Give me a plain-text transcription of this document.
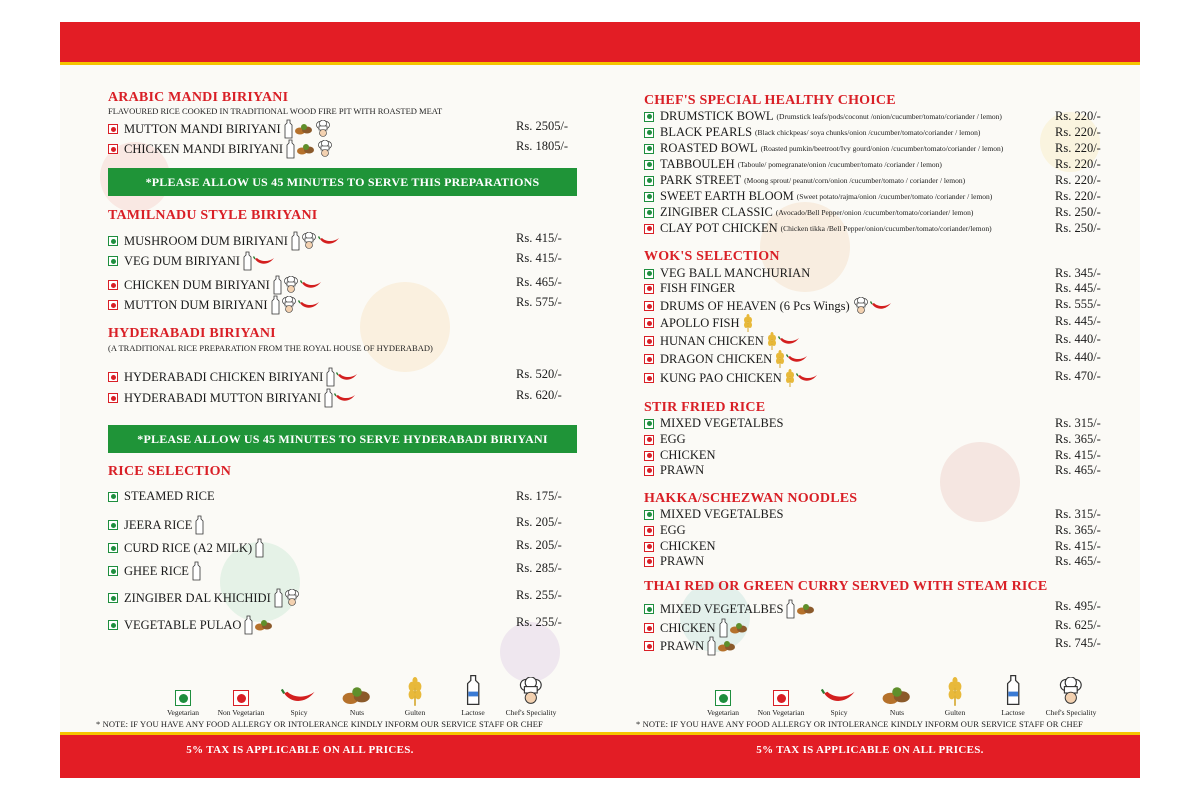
5% TAX IS APPLICABLE ON ALL PRICES.	5% TAX IS APPLICABLE ON ALL PRICES.
ARABIC MANDI BIRIYANI
FLAVOURED RICE COOKED IN TRADITIONAL WOOD FIRE PIT WITH ROASTED MEAT
MUTTON MANDI BIRIYANI	Rs. 2505/-
CHICKEN MANDI BIRIYANI	Rs. 1805/-
*PLEASE ALLOW US 45 MINUTES TO SERVE THIS PREPARATIONS
TAMILNADU STYLE BIRIYANI
MUSHROOM DUM BIRIYANI	Rs. 415/-
VEG DUM BIRIYANI	Rs. 415/-
CHICKEN DUM BIRIYANI	Rs. 465/-
MUTTON DUM BIRIYANI	Rs. 575/-
HYDERABADI BIRIYANI
(A TRADITIONAL RICE PREPARATION FROM THE ROYAL HOUSE OF HYDERABAD)
HYDERABADI CHICKEN BIRIYANI	Rs. 520/-
HYDERABADI MUTTON BIRIYANI	Rs. 620/-
*PLEASE ALLOW US 45 MINUTES TO SERVE HYDERABADI BIRIYANI
RICE SELECTION
STEAMED RICE	Rs. 175/-
JEERA RICE	Rs. 205/-
CURD RICE (A2 MILK)	Rs. 205/-
GHEE RICE	Rs. 285/-
ZINGIBER DAL KHICHIDI	Rs. 255/-
VEGETABLE PULAO	Rs. 255/-
CHEF'S SPECIAL HEALTHY CHOICE
DRUMSTICK BOWL (Drumstick leafs/pods/coconut /onion/cucumber/tomato/coriander / lemon)	Rs. 220/-
BLACK PEARLS (Black chickpeas/ soya chunks/onion /cucumber/tomato/coriander / lemon)	Rs. 220/-
ROASTED BOWL (Roasted pumkin/beetroot/Ivy gourd/onion /cucumber/tomato/coriander / lemon)	Rs. 220/-
TABBOULEH (Taboule/ pomegranate/onion /cucumber/tomato /coriander / lemon)	Rs. 220/-
PARK STREET (Moong sprout/ peanut/corn/onion /cucumber/tomato / coriander / lemon)	Rs. 220/-
SWEET EARTH BLOOM (Sweet potato/rajma/onion /cucumber/tomato /coriander / lemon)	Rs. 220/-
ZINGIBER CLASSIC (Avocado/Bell Pepper/onion /cucumber/tomato/coriander/ lemon)	Rs. 250/-
CLAY POT CHICKEN (Chicken tikka /Bell Pepper/onion/cucumber/tomato/coriander/lemon)	Rs. 250/-
WOK'S SELECTION
VEG BALL MANCHURIAN	Rs. 345/-
FISH FINGER	Rs. 445/-
DRUMS OF HEAVEN (6 Pcs Wings)	Rs. 555/-
APOLLO FISH	Rs. 445/-
HUNAN CHICKEN	Rs. 440/-
DRAGON CHICKEN	Rs. 440/-
KUNG PAO CHICKEN	Rs. 470/-
STIR FRIED RICE
MIXED VEGETALBES	Rs. 315/-
EGG	Rs. 365/-
CHICKEN	Rs. 415/-
PRAWN	Rs. 465/-
HAKKA/SCHEZWAN NOODLES
MIXED VEGETALBES	Rs. 315/-
EGG	Rs. 365/-
CHICKEN	Rs. 415/-
PRAWN	Rs. 465/-
THAI RED OR GREEN CURRY SERVED WITH STEAM RICE
MIXED VEGETALBES	Rs. 495/-
CHICKEN	Rs. 625/-
PRAWN	Rs. 745/-
Vegetarian Non Vegetarian	Spicy	Nuts	Gulten	Lactose	Chef's Speciality	Vegetarian Non Vegetarian	Spicy	Nuts	Gulten	Lactose	Chef's Speciality
* NOTE: IF YOU HAVE ANY FOOD ALLERGY OR INTOLERANCE KINDLY INFORM OUR SERVICE STAFF OR CHEF	* NOTE: IF YOU HAVE ANY FOOD ALLERGY OR INTOLERANCE KINDLY INFORM OUR SERVICE STAFF OR CHEF
